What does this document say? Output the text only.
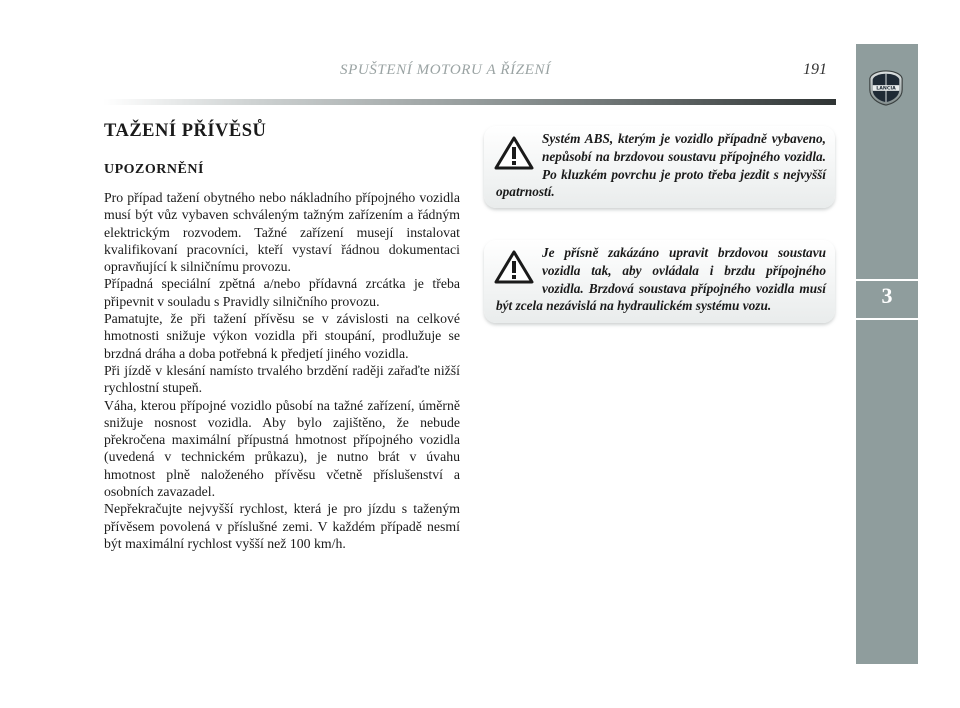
SPUŠTENÍ MOTORU A ŘÍZENÍ	191
LANCIA
3
TAŽENÍ PŘÍVĚSŮ
UPOZORNĚNÍ

Pro případ tažení obytného nebo nákladního přípojného vozidla musí být vůz vybaven schváleným tažným zařízením a řádným elektrickým rozvodem. Tažné zařízení musejí instalovat kvalifikovaní pracovníci, kteří vystaví řádnou dokumentaci opravňující k silničnímu provozu.

Případná speciální zpětná a/nebo přídavná zrcátka je třeba připevnit v souladu s Pravidly silničního provozu.

Pamatujte, že při tažení přívěsu se v závislosti na celkové hmotnosti snižuje výkon vozidla při stoupání, prodlužuje se brzdná dráha a doba potřebná k předjetí jiného vozidla.

Při jízdě v klesání namísto trvalého brzdění raději zařaďte nižší rychlostní stupeň.

Váha, kterou přípojné vozidlo působí na tažné zařízení, úměrně snižuje nosnost vozidla. Aby bylo zajištěno, že nebude překročena maximální přípustná hmotnost přípojného vozidla (uvedená v technickém průkazu), je nutno brát v úvahu hmotnost plně naloženého přívěsu včetně příslušenství a osobních zavazadel.

Nepřekračujte nejvyšší rychlost, která je pro jízdu s taženým přívěsem povolená v příslušné zemi. V každém případě nesmí být maximální rychlost vyšší než 100 km/h.

Systém ABS, kterým je vozidlo případně vybaveno, nepůsobí na brzdovou soustavu přípojného vozidla. Po kluzkém povrchu je proto třeba jezdit s nejvyšší opatrností.
Je přísně zakázáno upravit brzdovou soustavu vozidla tak, aby ovládala i brzdu přípojného vozidla. Brzdová soustava přípojného vozidla musí být zcela nezávislá na hydraulickém systému vozu.
